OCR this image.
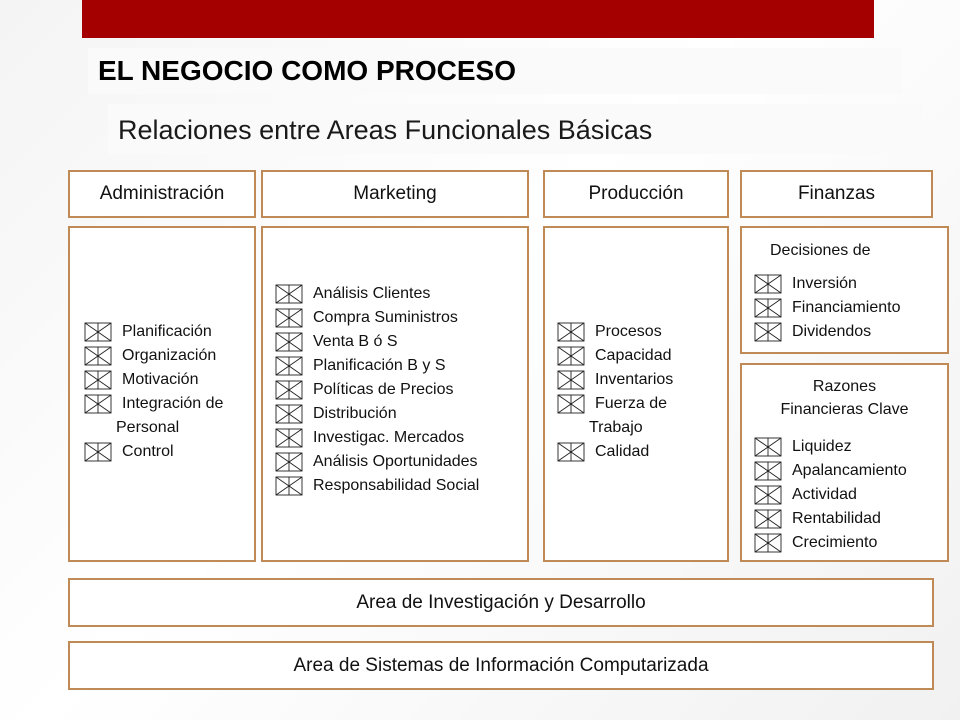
EL NEGOCIO COMO PROCESO
Relaciones entre Areas Funcionales Básicas
Administración	Marketing	Producción	Finanzas
Planificación
Organización
Motivación
Integración de
Personal
Control
Análisis Clientes
Compra Suministros
Venta B ó S
Planificación B y S
Políticas de Precios
Distribución
Investigac. Mercados
Análisis Oportunidades
Responsabilidad Social
Procesos
Capacidad
Inventarios
Fuerza de
Trabajo
Calidad
Decisiones de
Inversión
Financiamiento
Dividendos
Razones
Financieras Clave
Liquidez
Apalancamiento
Actividad
Rentabilidad
Crecimiento
Area de Investigación y Desarrollo
Area de Sistemas de Información Computarizada
